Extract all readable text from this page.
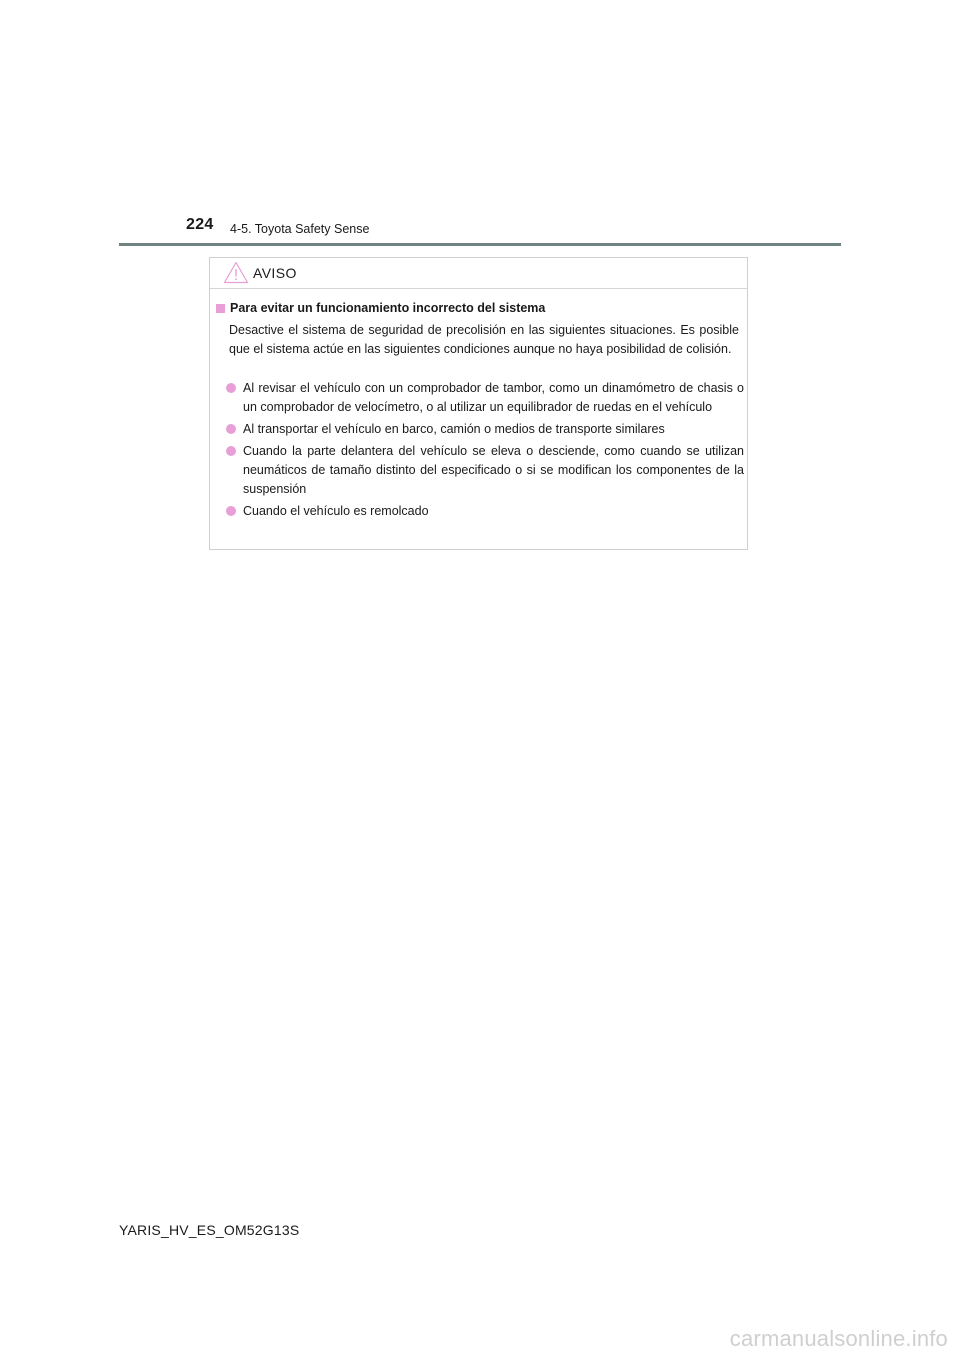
224 4-5. Toyota Safety Sense
AVISO
Para evitar un funcionamiento incorrecto del sistema

Desactive el sistema de seguridad de precolisión en las siguientes situaciones. Es posible que el sistema actúe en las siguientes condiciones aunque no haya posibilidad de colisión.

Al revisar el vehículo con un comprobador de tambor, como un dinamómetro de chasis o un comprobador de velocímetro, o al utilizar un equilibrador de ruedas en el vehículo
Al transportar el vehículo en barco, camión o medios de transporte similares
Cuando la parte delantera del vehículo se eleva o desciende, como cuando se utilizan neumáticos de tamaño distinto del especificado o si se modifican los componentes de la suspensión
Cuando el vehículo es remolcado
YARIS_HV_ES_OM52G13S
carmanualsonline.info
